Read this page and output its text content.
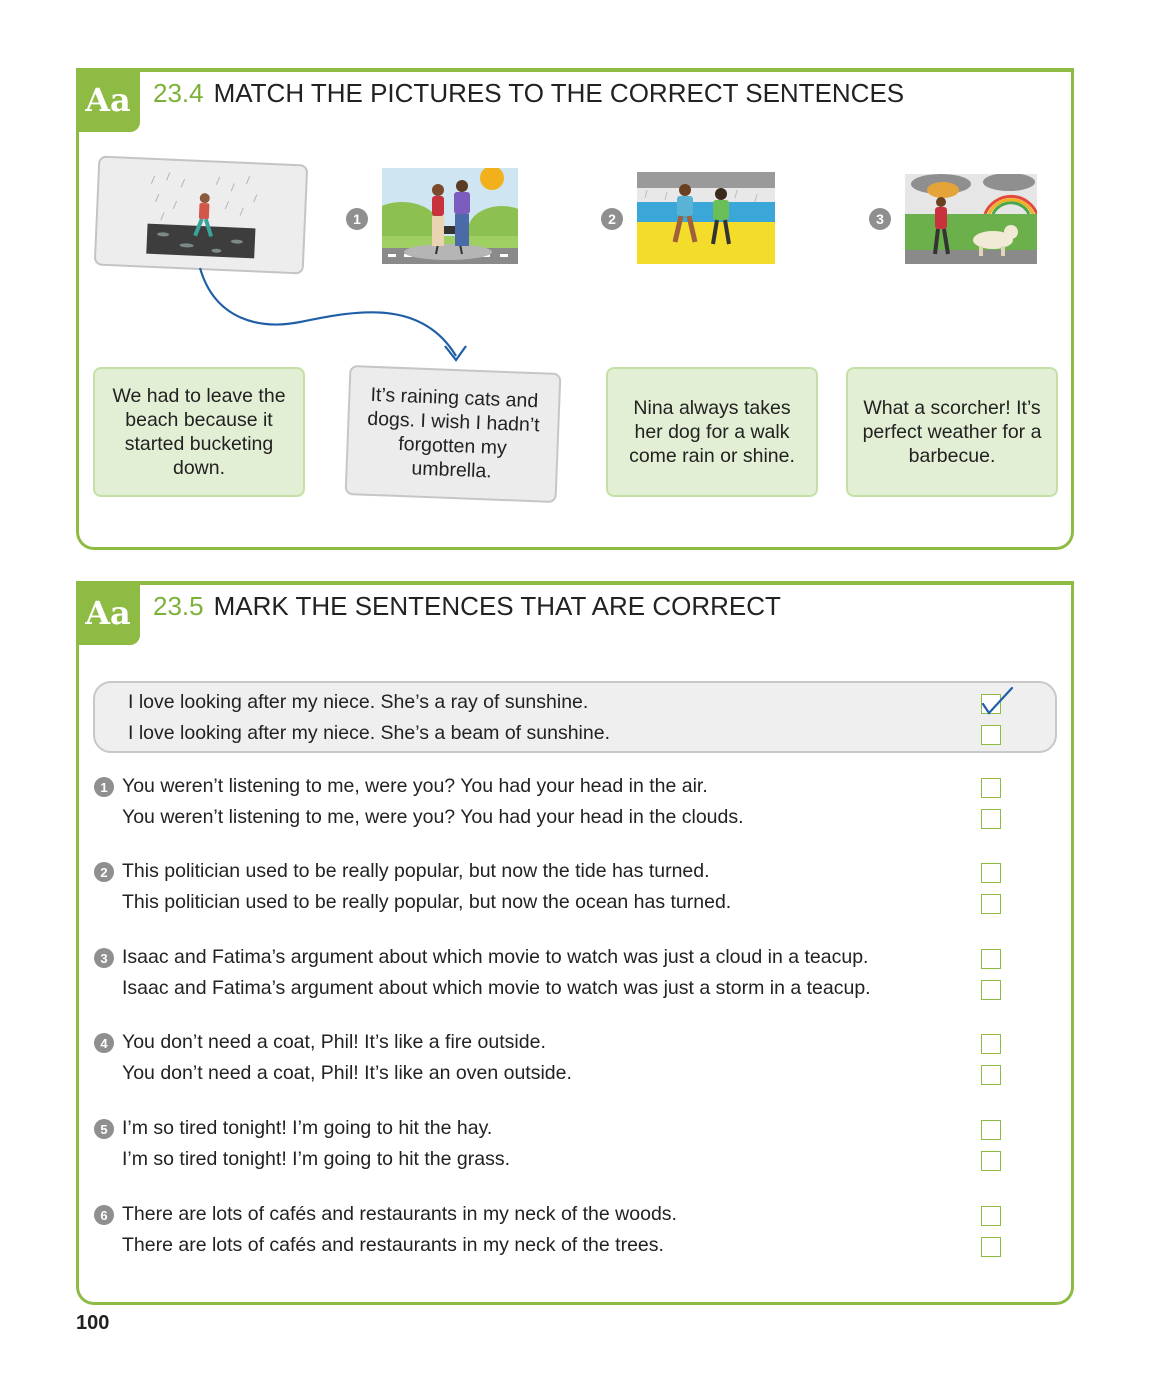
Aa 23.4 MATCH THE PICTURES TO THE CORRECT SENTENCES
1	2	3
We had to leave the beach because it started bucketing down.
It’s raining cats and dogs. I wish I hadn’t forgotten my umbrella.
Nina always takes her dog for a walk come rain or shine.
What a scorcher! It’s perfect weather for a barbecue.
Aa 23.5 MARK THE SENTENCES THAT ARE CORRECT
I love looking after my niece. She’s a ray of sunshine.
I love looking after my niece. She’s a beam of sunshine.
1 You weren’t listening to me, were you? You had your head in the air.
You weren’t listening to me, were you? You had your head in the clouds.
2 This politician used to be really popular, but now the tide has turned.
This politician used to be really popular, but now the ocean has turned.
3 Isaac and Fatima’s argument about which movie to watch was just a cloud in a teacup.
Isaac and Fatima’s argument about which movie to watch was just a storm in a teacup.
4 You don’t need a coat, Phil! It’s like a fire outside.
You don’t need a coat, Phil! It’s like an oven outside.
5 I’m so tired tonight! I’m going to hit the hay.
I’m so tired tonight! I’m going to hit the grass.
6 There are lots of cafés and restaurants in my neck of the woods.
There are lots of cafés and restaurants in my neck of the trees.
100
